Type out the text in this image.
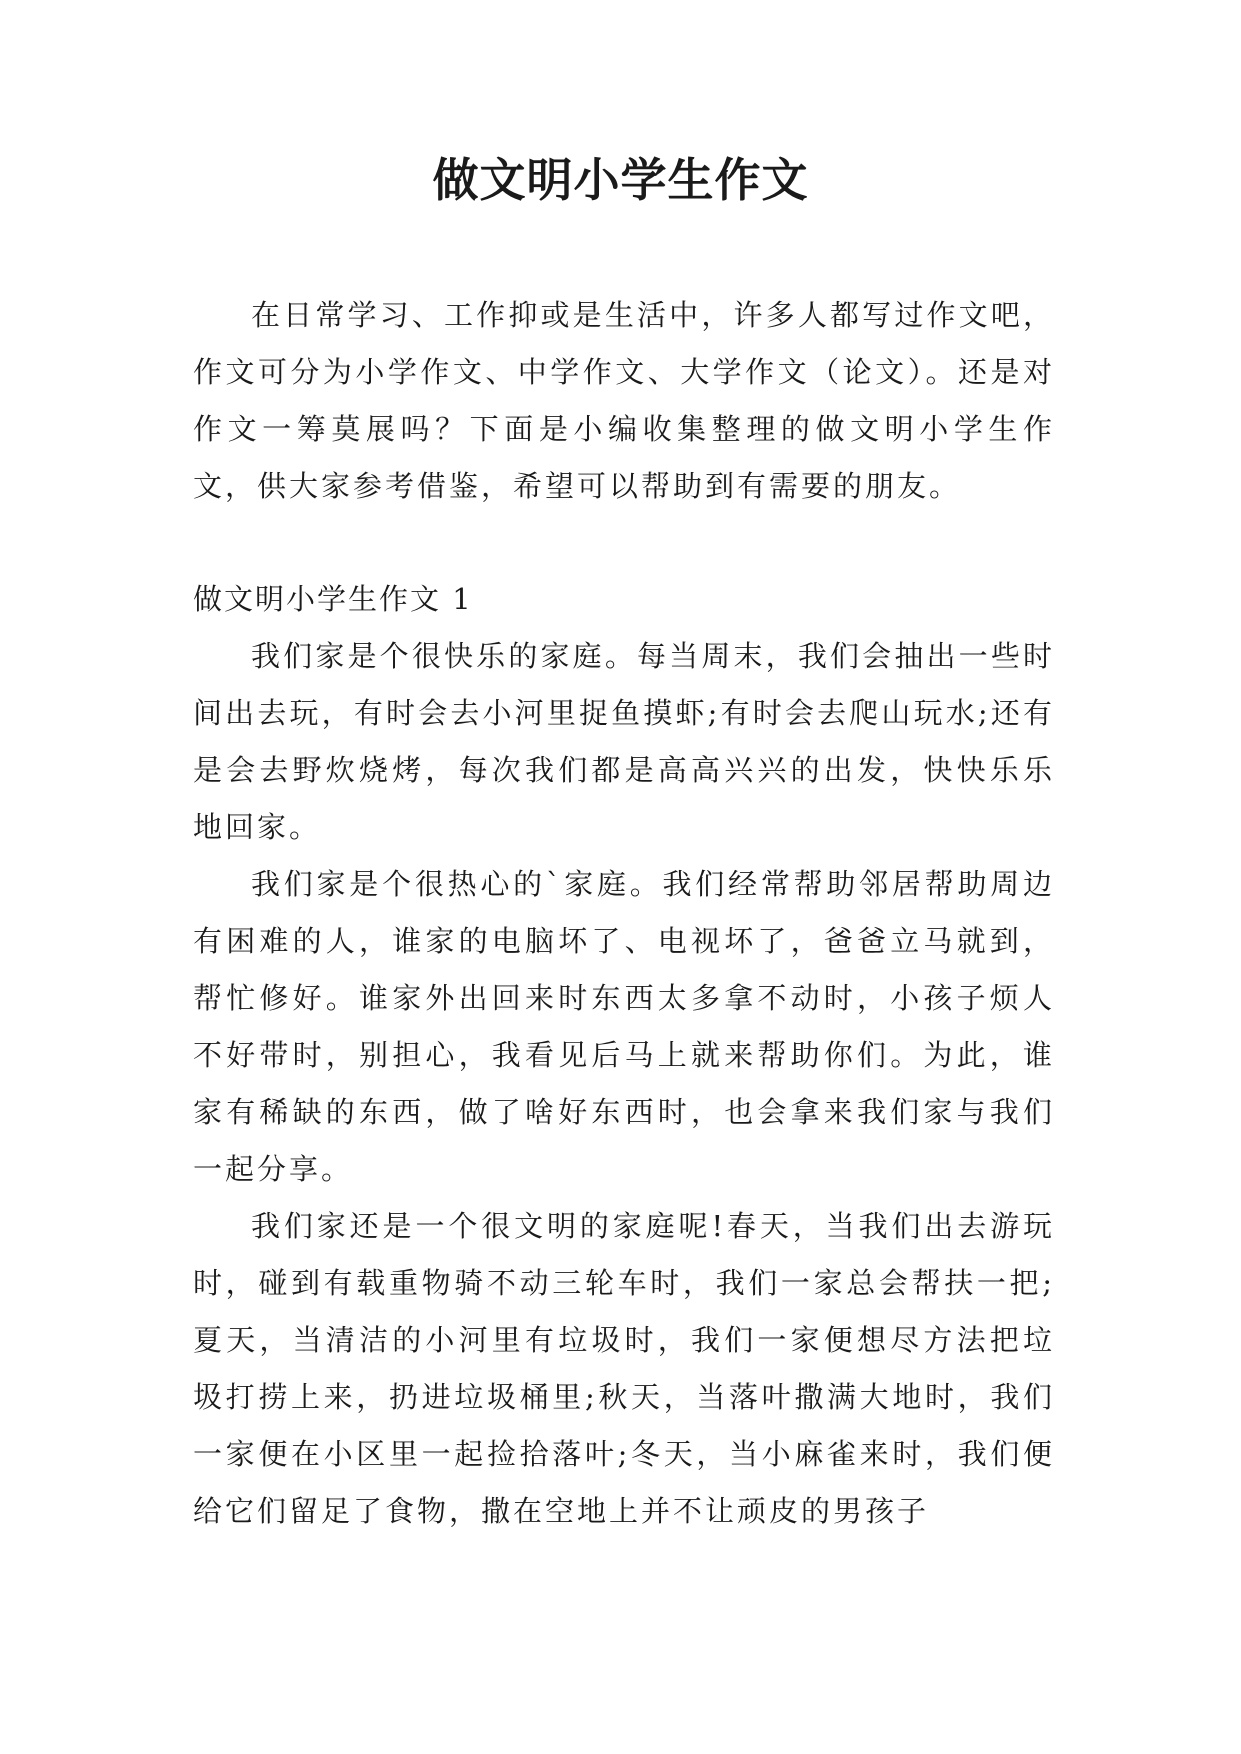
做文明小学生作文

在日常学习、工作抑或是生活中，许多人都写过作文吧，作文可分为小学作文、中学作文、大学作文（论文）。还是对作文一筹莫展吗？下面是小编收集整理的做文明小学生作文，供大家参考借鉴，希望可以帮助到有需要的朋友。

做文明小学生作文 1

我们家是个很快乐的家庭。每当周末，我们会抽出一些时间出去玩，有时会去小河里捉鱼摸虾;有时会去爬山玩水;还有是会去野炊烧烤，每次我们都是高高兴兴的出发，快快乐乐地回家。

我们家是个很热心的`家庭。我们经常帮助邻居帮助周边有困难的人，谁家的电脑坏了、电视坏了，爸爸立马就到，帮忙修好。谁家外出回来时东西太多拿不动时，小孩子烦人不好带时，别担心，我看见后马上就来帮助你们。为此，谁家有稀缺的东西，做了啥好东西时，也会拿来我们家与我们一起分享。

我们家还是一个很文明的家庭呢!春天，当我们出去游玩时，碰到有载重物骑不动三轮车时，我们一家总会帮扶一把;夏天，当清洁的小河里有垃圾时，我们一家便想尽方法把垃圾打捞上来，扔进垃圾桶里;秋天，当落叶撒满大地时，我们一家便在小区里一起捡拾落叶;冬天，当小麻雀来时，我们便给它们留足了食物，撒在空地上并不让顽皮的男孩子
